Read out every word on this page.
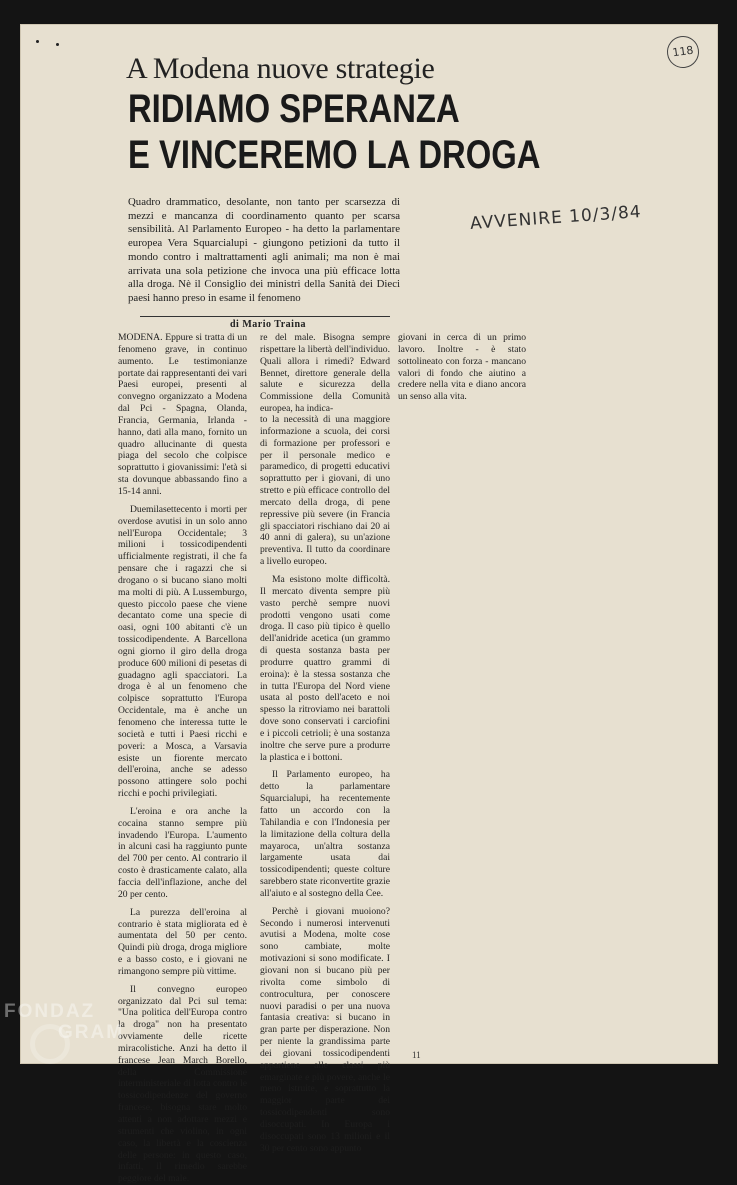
118
A Modena nuove strategie
RIDIAMO SPERANZA
E VINCEREMO LA DROGA
Quadro drammatico, desolante, non tanto per scarsezza di mezzi e mancanza di coordinamento quanto per scarsa sensibilità. Al Parlamento Europeo - ha detto la parlamentare europea Vera Squarcialupi - giungono petizioni da tutto il mondo contro i maltrattamenti agli animali; ma non è mai arrivata una sola petizione che invoca una più efficace lotta alla droga. Nè il Consiglio dei ministri della Sanità dei Dieci paesi hanno preso in esame il fenomeno
AVVENIRE 10/3/84
di Mario Traina

MODENA. Eppure si tratta di un fenomeno grave, in continuo aumento. Le testimonianze portate dai rappresentanti dei vari Paesi europei, presenti al convegno organizzato a Modena dal Pci - Spagna, Olanda, Francia, Germania, Irlanda - hanno, dati alla mano, fornito un quadro allucinante di questa piaga del secolo che colpisce soprattutto i giovanissimi: l'età si sta dovunque abbassando fino a 15-14 anni.

Duemilasettecento i morti per overdose avutisi in un solo anno nell'Europa Occidentale; 3 milioni i tossicodipendenti ufficialmente registrati, il che fa pensare che i ragazzi che si drogano o si bucano siano molti ma molti di più. A Lussemburgo, questo piccolo paese che viene decantato come una specie di oasi, ogni 100 abitanti c'è un tossicodipendente. A Barcellona ogni giorno il giro della droga produce 600 milioni di pesetas di guadagno agli spacciatori. La droga è al un fenomeno che colpisce soprattutto l'Europa Occidentale, ma è anche un fenomeno che interessa tutte le società e tutti i Paesi ricchi e poveri: a Mosca, a Varsavia esiste un fiorente mercato dell'eroina, anche se adesso possono attingere solo pochi ricchi e pochi privilegiati.

L'eroina e ora anche la cocaina stanno sempre più invadendo l'Europa. L'aumento in alcuni casi ha raggiunto punte del 700 per cento. Al contrario il costo è drasticamente calato, alla faccia dell'inflazione, anche del 20 per cento.

La purezza dell'eroina al contrario è stata migliorata ed è aumentata del 50 per cento. Quindi più droga, droga migliore e a basso costo, e i giovani ne rimangono sempre più vittime.

Il convegno europeo organizzato dal Pci sul tema: "Una politica dell'Europa contro la droga" non ha presentato ovviamente delle ricette miracolistiche. Anzi ha detto il francese Jean March Borello, della Commissione interministeriale di lotta contro le tossicodipendenze del governo francese, bisogna stare molto attenti a non adottare mezzi e strumenti che violino, in ogni caso, la libertà e la coscienza delle persone: in questo caso, infatti, il rimedio sarebbe peggiore del male.

re del male. Bisogna sempre rispettare la libertà dell'individuo. Quali allora i rimedi? Edward Bennet, direttore generale della salute e sicurezza della Commissione della Comunità europea, ha indica-

to la necessità di una maggiore informazione a scuola, dei corsi di formazione per professori e per il personale medico e paramedico, di progetti educativi soprattutto per i giovani, di uno stretto e più efficace controllo del mercato della droga, di pene repressive più severe (in Francia gli spacciatori rischiano dai 20 ai 40 anni di galera), su un'azione preventiva. Il tutto da coordinare a livello europeo.

Ma esistono molte difficoltà. Il mercato diventa sempre più vasto perchè sempre nuovi prodotti vengono usati come droga. Il caso più tipico è quello dell'anidride acetica (un grammo di questa sostanza basta per produrre quattro grammi di eroina): è la stessa sostanza che in tutta l'Europa del Nord viene usata al posto dell'aceto e noi spesso la ritroviamo nei barattoli dove sono conservati i carciofini e i piccoli cetrioli; è una sostanza inoltre che serve pure a produrre la plastica e i bottoni.

Il Parlamento europeo, ha detto la parlamentare Squarcialupi, ha recentemente fatto un accordo con la Tahilandia e con l'Indonesia per la limitazione della coltura della mayaroca, un'altra sostanza largamente usata dai tossicodipendenti; queste colture sarebbero state riconvertite grazie all'aiuto e al sostegno della Cee.

Perchè i giovani muoiono? Secondo i numerosi intervenuti avutisi a Modena, molte cose sono cambiate, molte motivazioni si sono modificate. I giovani non si bucano più per rivolta come simbolo di controcultura, per conoscere nuovi paradisi o per una nuova fantasia creativa: si bucano in gran parte per disperazione. Non per niente la grandissima parte dei giovani tossicodipendenti appartiene alle classi più emarginate e più povere, anche le meno istruite, e soprattutto la maggior parte dei tossicodipendenti sono disoccupati. In Europa i disoccupati sono 13 milioni e il 30 per cento sono appunto

giovani in cerca di un primo lavoro. Inoltre - è stato sottolineato con forza - mancano valori di fondo che aiutino a credere nella vita e diano ancora un senso alla vita.

11
FONDAZ
GRAM
